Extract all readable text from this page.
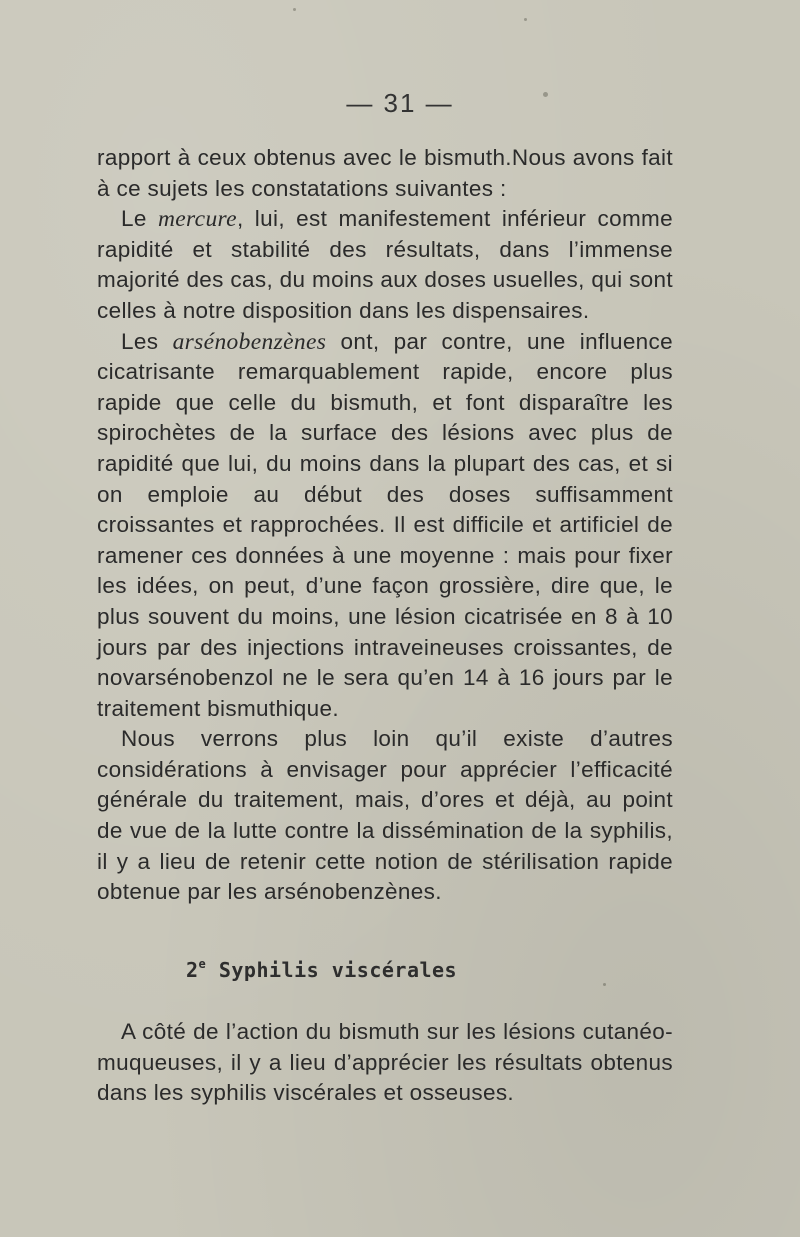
— 31 —

rapport à ceux obtenus avec le bismuth.Nous avons fait à ce sujets les constatations suivantes :

Le mercure, lui, est manifestement inférieur comme rapidité et stabilité des résultats, dans l’immense majorité des cas, du moins aux doses usuelles, qui sont celles à notre disposition dans les dispensaires.

Les arsénobenzènes ont, par contre, une influence cicatrisante remarquablement rapide, encore plus rapide que celle du bismuth, et font disparaître les spirochètes de la surface des lésions avec plus de rapidité que lui, du moins dans la plupart des cas, et si on emploie au début des doses suffisamment croissantes et rapprochées. Il est difficile et artificiel de ramener ces données à une moyenne : mais pour fixer les idées, on peut, d’une façon grossière, dire que, le plus souvent du moins, une lésion cicatrisée en 8 à 10 jours par des injections intraveineuses croissantes, de novarsénobenzol ne le sera qu’en 14 à 16 jours par le traitement bismuthique.

Nous verrons plus loin qu’il existe d’autres considérations à envisager pour apprécier l’efficacité générale du traitement, mais, d’ores et déjà, au point de vue de la lutte contre la dissémination de la syphilis, il y a lieu de retenir cette notion de stérilisation rapide obtenue par les arsénobenzènes.

2e Syphilis viscérales

A côté de l’action du bismuth sur les lésions cutanéo-muqueuses, il y a lieu d’apprécier les résultats obtenus dans les syphilis viscérales et osseuses.
